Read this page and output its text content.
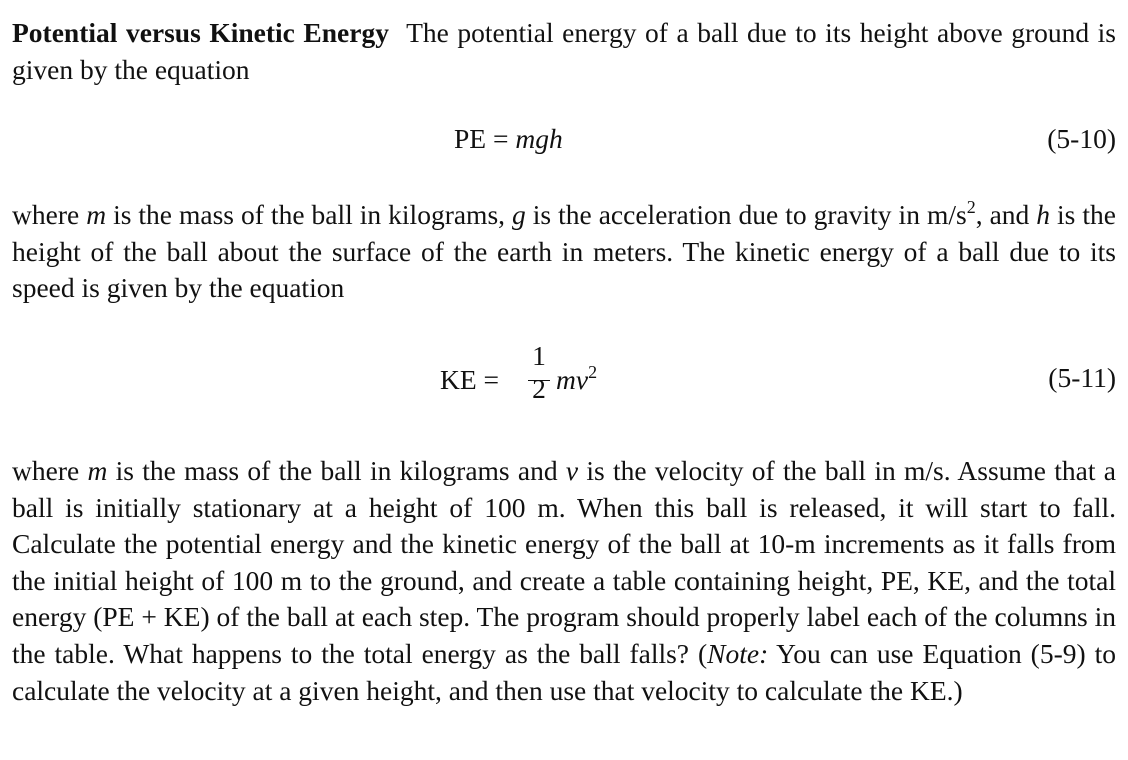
Potential versus Kinetic Energy The potential energy of a ball due to its height above ground is given by the equation

PE = mgh	(5-10)

where m is the mass of the ball in kilograms, g is the acceleration due to gravity in $m/s^2$, and h is the height of the ball about the surface of the earth in meters. The kinetic energy of a ball due to its speed is given by the equation

KE =
1
2 $mv^2$	(5-11)

where m is the mass of the ball in kilograms and v is the velocity of the ball in m/s. Assume that a ball is initially stationary at a height of 100 m. When this ball is released, it will start to fall. Calculate the potential energy and the kinetic energy of the ball at 10-m increments as it falls from the initial height of 100 m to the ground, and create a table containing height, PE, KE, and the total energy (PE + KE) of the ball at each step. The program should properly label each of the columns in the table. What happens to the total energy as the ball falls? (Note: You can use Equation (5-9) to calculate the velocity at a given height, and then use that velocity to calculate the KE.)
